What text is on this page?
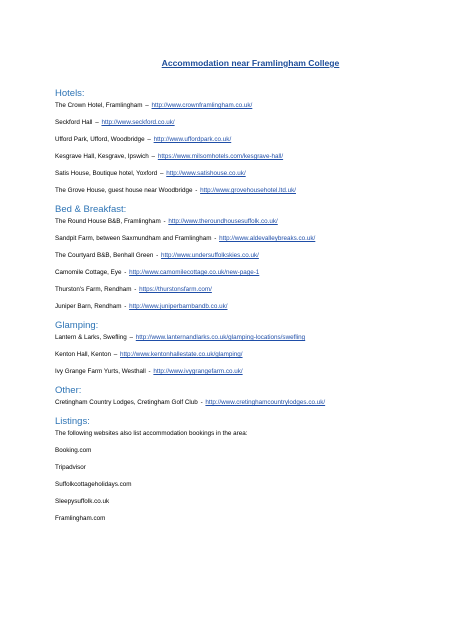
Accommodation near Framlingham College
Hotels:
The Crown Hotel, Framlingham – http://www.crownframlingham.co.uk/
Seckford Hall – http://www.seckford.co.uk/
Ufford Park, Ufford, Woodbridge – http://www.uffordpark.co.uk/
Kesgrave Hall, Kesgrave, Ipswich – https://www.milsomhotels.com/kesgrave-hall/
Satis House, Boutique hotel, Yoxford – http://www.satishouse.co.uk/
The Grove House, guest house near Woodbridge - http://www.grovehousehotel.ltd.uk/
Bed & Breakfast:
The Round House B&B, Framlingham - http://www.theroundhousesuffolk.co.uk/
Sandpit Farm, between Saxmundham and Framlingham - http://www.aldevalleybreaks.co.uk/
The Courtyard B&B, Benhall Green - http://www.undersuffolkskies.co.uk/
Camomile Cottage, Eye - http://www.camomilecottage.co.uk/new-page-1
Thurston's Farm, Rendham - https://thurstonsfarm.com/
Juniper Barn, Rendham - http://www.juniperbarnbandb.co.uk/
Glamping:
Lantern & Larks, Swefling – http://www.lanternandlarks.co.uk/glamping-locations/swefling
Kenton Hall, Kenton – http://www.kentonhallestate.co.uk/glamping/
Ivy Grange Farm Yurts, Westhall - http://www.ivygrangefarm.co.uk/
Other:
Cretingham Country Lodges, Cretingham Golf Club - http://www.cretinghamcountrylodges.co.uk/
Listings:
The following websites also list accommodation bookings in the area:
Booking.com
Tripadvisor
Suffolkcottageholidays.com
Sleepysuffolk.co.uk
Framlingham.com
